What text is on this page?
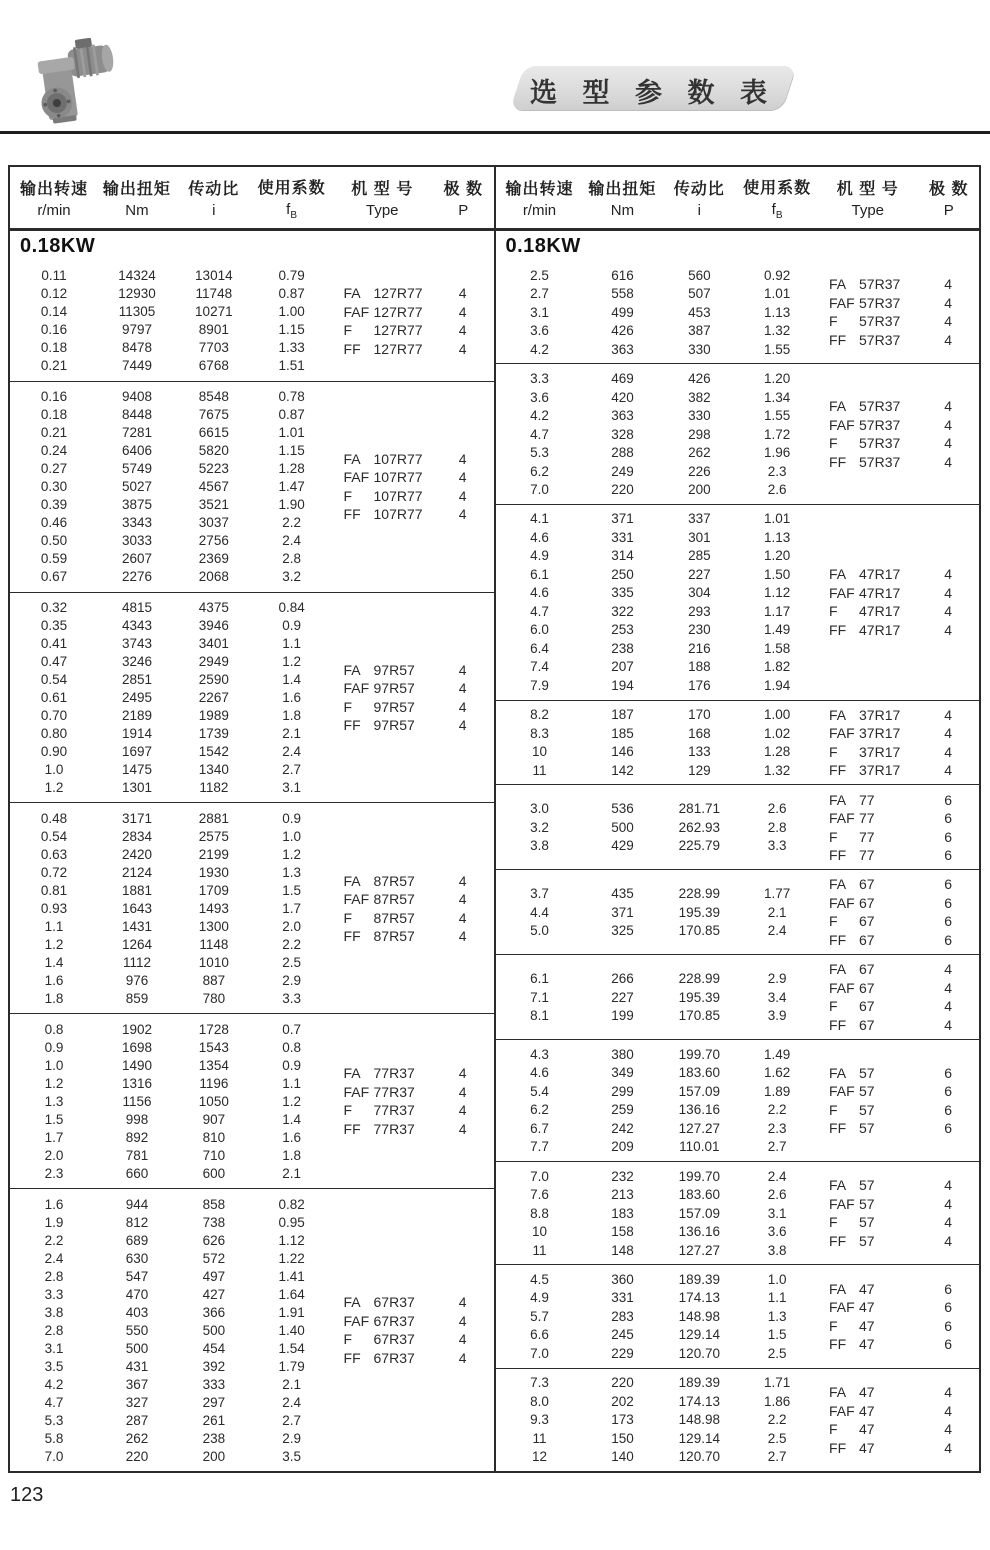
选 型 参 数 表
输出转速
r/min
输出扭矩
Nm
传动比
i
使用系数
$f_B$
机 型 号
Type
极 数
P
0.18KW
0.11	14324	13014	0.79
0.12	12930	11748	0.87
0.14	11305	10271	1.00
0.16	9797	8901	1.15
0.18	8478	7703	1.33
0.21	7449	6768	1.51
FA 127R77	4
FAF 127R77	4
F	127R77	4
FF 127R77	4
0.16	9408	8548	0.78
0.18	8448	7675	0.87
0.21	7281	6615	1.01
0.24	6406	5820	1.15
0.27	5749	5223	1.28
0.30	5027	4567	1.47
0.39	3875	3521	1.90
0.46	3343	3037	2.2
0.50	3033	2756	2.4
0.59	2607	2369	2.8
0.67	2276	2068	3.2
FA 107R77	4
FAF 107R77	4
F	107R77	4
FF 107R77	4
0.32	4815	4375	0.84
0.35	4343	3946	0.9
0.41	3743	3401	1.1
0.47	3246	2949	1.2
0.54	2851	2590	1.4
0.61	2495	2267	1.6
0.70	2189	1989	1.8
0.80	1914	1739	2.1
0.90	1697	1542	2.4
1.0	1475	1340	2.7
1.2	1301	1182	3.1
FA 97R57	4
FAF 97R57	4
F	97R57	4
FF 97R57	4
0.48	3171	2881	0.9
0.54	2834	2575	1.0
0.63	2420	2199	1.2
0.72	2124	1930	1.3
0.81	1881	1709	1.5
0.93	1643	1493	1.7
1.1	1431	1300	2.0
1.2	1264	1148	2.2
1.4	1112	1010	2.5
1.6	976	887	2.9
1.8	859	780	3.3
FA 87R57	4
FAF 87R57	4
F	87R57	4
FF 87R57	4
0.8	1902	1728	0.7
0.9	1698	1543	0.8
1.0	1490	1354	0.9
1.2	1316	1196	1.1
1.3	1156	1050	1.2
1.5	998	907	1.4
1.7	892	810	1.6
2.0	781	710	1.8
2.3	660	600	2.1
FA 77R37	4
FAF 77R37	4
F	77R37	4
FF 77R37	4
1.6	944	858	0.82
1.9	812	738	0.95
2.2	689	626	1.12
2.4	630	572	1.22
2.8	547	497	1.41
3.3	470	427	1.64
3.8	403	366	1.91
2.8	550	500	1.40
3.1	500	454	1.54
3.5	431	392	1.79
4.2	367	333	2.1
4.7	327	297	2.4
5.3	287	261	2.7
5.8	262	238	2.9
7.0	220	200	3.5
FA 67R37	4
FAF 67R37	4
F	67R37	4
FF 67R37	4
输出转速
r/min
输出扭矩
Nm
传动比
i
使用系数
$f_B$
机 型 号
Type
极 数
P
0.18KW
2.5	616	560	0.92
2.7	558	507	1.01
3.1	499	453	1.13
3.6	426	387	1.32
4.2	363	330	1.55
FA 57R37	4
FAF 57R37	4
F	57R37	4
FF 57R37	4
3.3	469	426	1.20
3.6	420	382	1.34
4.2	363	330	1.55
4.7	328	298	1.72
5.3	288	262	1.96
6.2	249	226	2.3
7.0	220	200	2.6
FA 57R37	4
FAF 57R37	4
F	57R37	4
FF 57R37	4
4.1	371	337	1.01
4.6	331	301	1.13
4.9	314	285	1.20
6.1	250	227	1.50
4.6	335	304	1.12
4.7	322	293	1.17
6.0	253	230	1.49
6.4	238	216	1.58
7.4	207	188	1.82
7.9	194	176	1.94
FA 47R17	4
FAF 47R17	4
F	47R17	4
FF 47R17	4
8.2	187	170	1.00
8.3	185	168	1.02
10	146	133	1.28
11	142	129	1.32
FA 37R17	4
FAF 37R17	4
F	37R17	4
FF 37R17	4
3.0	536	281.71	2.6
3.2	500	262.93	2.8
3.8	429	225.79	3.3
FA 77	6
FAF 77	6
F	77	6
FF 77	6
3.7	435	228.99	1.77
4.4	371	195.39	2.1
5.0	325	170.85	2.4
FA 67	6
FAF 67	6
F	67	6
FF 67	6
6.1	266	228.99	2.9
7.1	227	195.39	3.4
8.1	199	170.85	3.9
FA 67	4
FAF 67	4
F	67	4
FF 67	4
4.3	380	199.70	1.49
4.6	349	183.60	1.62
5.4	299	157.09	1.89
6.2	259	136.16	2.2
6.7	242	127.27	2.3
7.7	209	110.01	2.7
FA 57	6
FAF 57	6
F	57	6
FF 57	6
7.0	232	199.70	2.4
7.6	213	183.60	2.6
8.8	183	157.09	3.1
10	158	136.16	3.6
11	148	127.27	3.8
FA 57	4
FAF 57	4
F	57	4
FF 57	4
4.5	360	189.39	1.0
4.9	331	174.13	1.1
5.7	283	148.98	1.3
6.6	245	129.14	1.5
7.0	229	120.70	2.5
FA 47	6
FAF 47	6
F	47	6
FF 47	6
7.3	220	189.39	1.71
8.0	202	174.13	1.86
9.3	173	148.98	2.2
11	150	129.14	2.5
12	140	120.70	2.7
FA 47	4
FAF 47	4
F	47	4
FF 47	4
123
